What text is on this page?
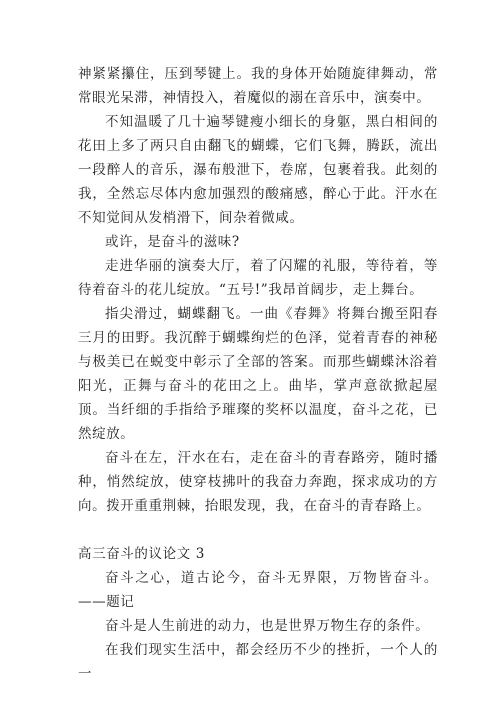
神紧紧攥住，压到琴键上。我的身体开始随旋律舞动，常常眼光呆滞，神情投入，着魔似的溺在音乐中，演奏中。

不知温暖了几十遍琴键瘦小细长的身躯，黑白相间的花田上多了两只自由翻飞的蝴蝶，它们飞舞，腾跃，流出一段醉人的音乐，瀑布般泄下，卷席，包裹着我。此刻的我，全然忘尽体内愈加强烈的酸痛感，醉心于此。汗水在不知觉间从发梢滑下，间杂着微咸。

或许，是奋斗的滋味?

走进华丽的演奏大厅，着了闪耀的礼服，等待着，等待着奋斗的花儿绽放。“五号!”我昂首阔步，走上舞台。

指尖滑过，蝴蝶翻飞。一曲《春舞》将舞台搬至阳春三月的田野。我沉醉于蝴蝶绚烂的色泽，觉着青春的神秘与极美已在蜕变中彰示了全部的答案。而那些蝴蝶沐浴着阳光，正舞与奋斗的花田之上。曲毕，掌声意欲掀起屋顶。当纤细的手指给予璀璨的奖杯以温度，奋斗之花，已然绽放。

奋斗在左，汗水在右，走在奋斗的青春路旁，随时播种，悄然绽放，使穿枝拂叶的我奋力奔跑，探求成功的方向。拨开重重荆棘，抬眼发现，我，在奋斗的青春路上。

高三奋斗的议论文 3

奋斗之心，道古论今，奋斗无界限，万物皆奋斗。——题记

奋斗是人生前进的动力，也是世界万物生存的条件。

在我们现实生活中，都会经历不少的挫折，一个人的一
